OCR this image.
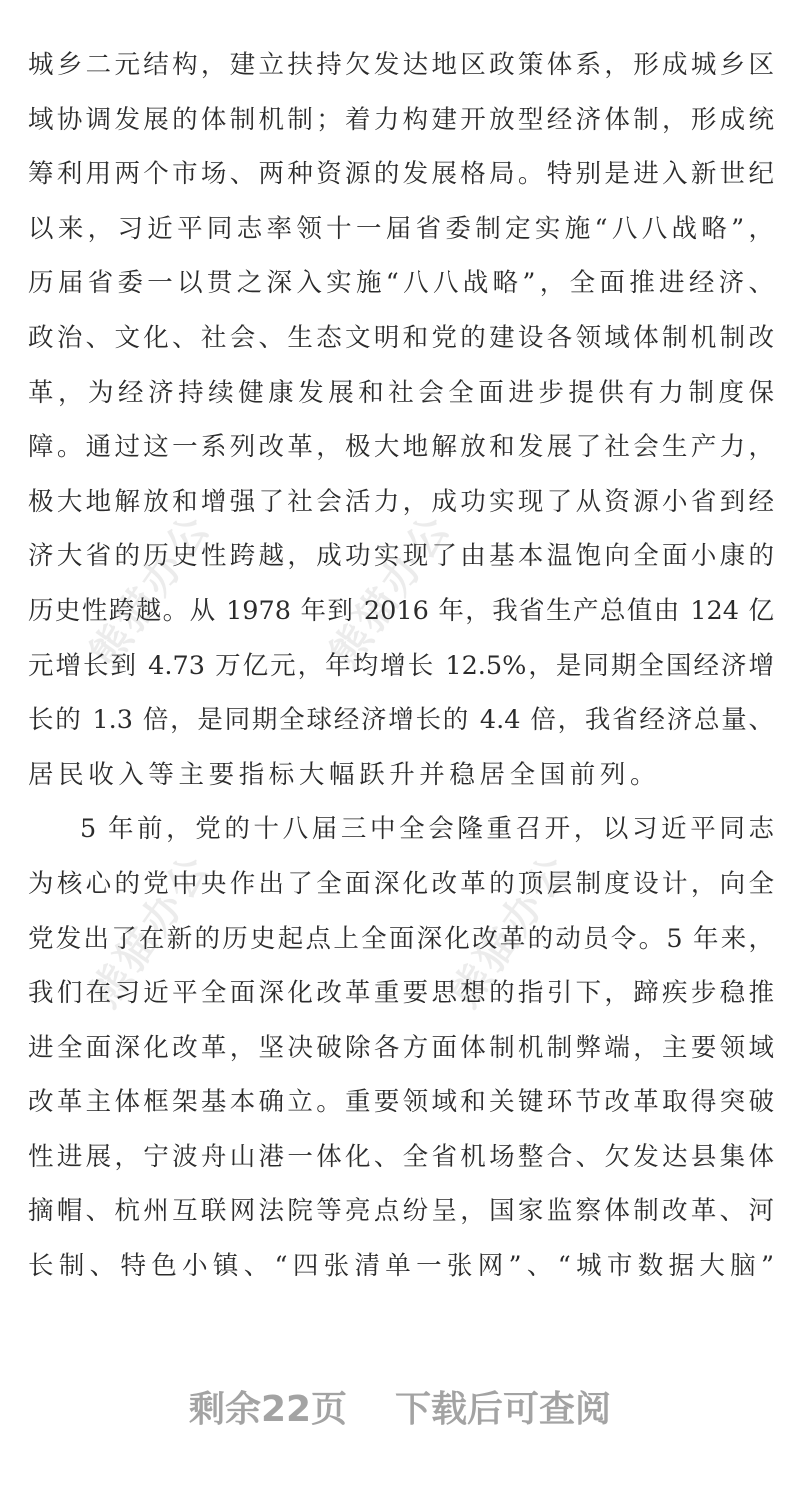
熊猫办公	熊猫办公
熊猫办公	熊猫办公
城乡二元结构，建立扶持欠发达地区政策体系，形成城乡区
域协调发展的体制机制；着力构建开放型经济体制，形成统
筹利用两个市场、两种资源的发展格局。特别是进入新世纪
以来，习近平同志率领十一届省委制定实施“八八战略”，
历届省委一以贯之深入实施“八八战略”，全面推进经济、
政治、文化、社会、生态文明和党的建设各领域体制机制改
革，为经济持续健康发展和社会全面进步提供有力制度保
障。通过这一系列改革，极大地解放和发展了社会生产力，
极大地解放和增强了社会活力，成功实现了从资源小省到经
济大省的历史性跨越，成功实现了由基本温饱向全面小康的
历史性跨越。从 1978 年到 2016 年，我省生产总值由 124 亿
元增长到 4.73 万亿元，年均增长 12.5%，是同期全国经济增
长的 1.3 倍，是同期全球经济增长的 4.4 倍，我省经济总量、
居民收入等主要指标大幅跃升并稳居全国前列。
5 年前，党的十八届三中全会隆重召开，以习近平同志
为核心的党中央作出了全面深化改革的顶层制度设计，向全
党发出了在新的历史起点上全面深化改革的动员令。5 年来，
我们在习近平全面深化改革重要思想的指引下，蹄疾步稳推
进全面深化改革，坚决破除各方面体制机制弊端，主要领域
改革主体框架基本确立。重要领域和关键环节改革取得突破
性进展，宁波舟山港一体化、全省机场整合、欠发达县集体
摘帽、杭州互联网法院等亮点纷呈，国家监察体制改革、河
长制、特色小镇、“四张清单一张网”、“城市数据大脑”
剩余22页 下载后可查阅
